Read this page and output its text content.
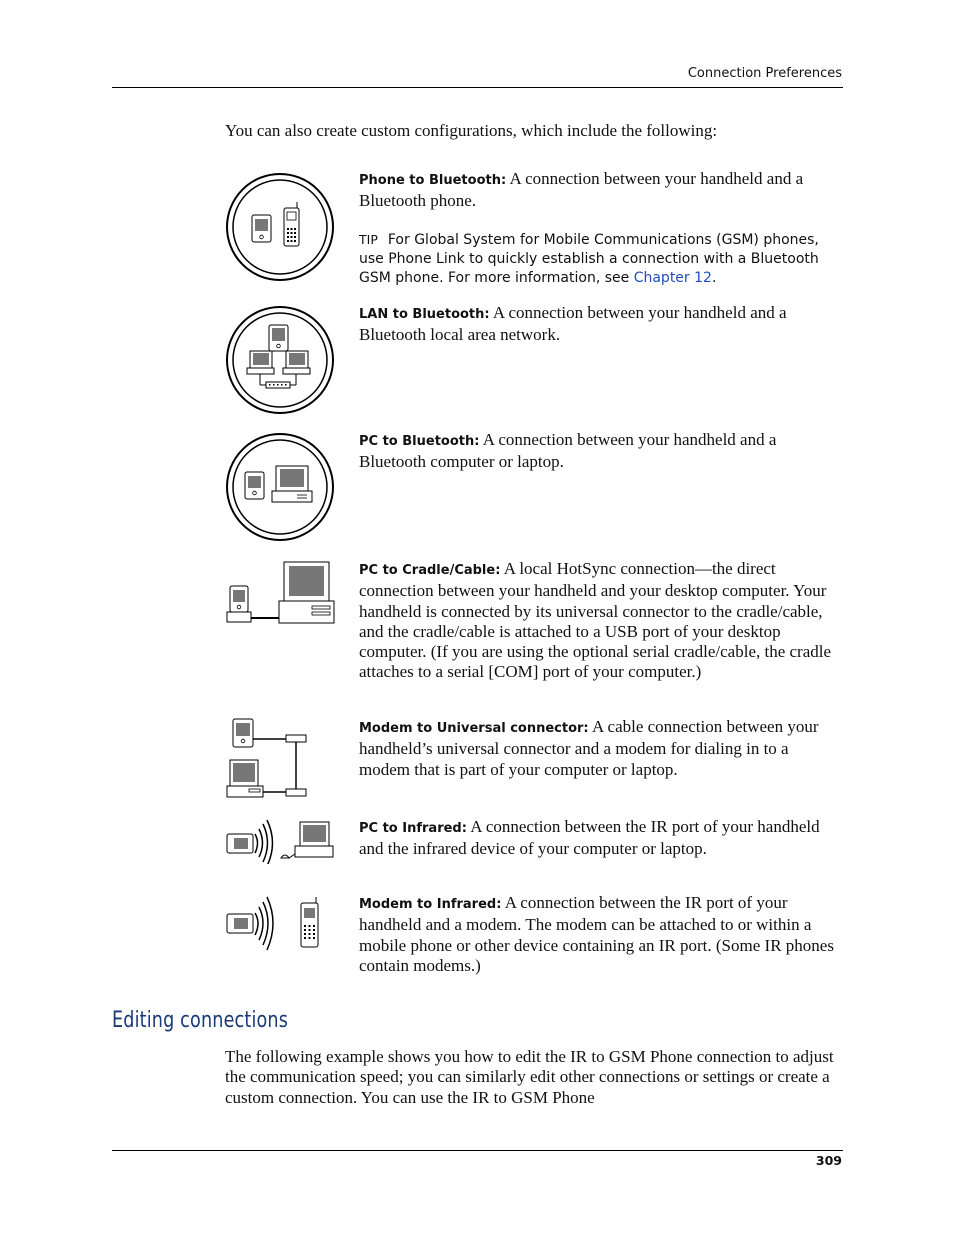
Connection Preferences
You can also create custom configurations, which include the following:
Phone to Bluetooth: A connection between your handheld and a Bluetooth phone.
TIP For Global System for Mobile Communications (GSM) phones, use Phone Link to quickly establish a connection with a Bluetooth GSM phone. For more information, see Chapter 12.
LAN to Bluetooth: A connection between your handheld and a Bluetooth local area network.
PC to Bluetooth: A connection between your handheld and a Bluetooth computer or laptop.
PC to Cradle/Cable: A local HotSync connection—the direct connection between your handheld and your desktop computer. Your handheld is connected by its universal connector to the cradle/cable, and the cradle/cable is attached to a USB port of your desktop computer. (If you are using the optional serial cradle/cable, the cradle attaches to a serial [COM] port of your computer.)
Modem to Universal connector: A cable connection between your handheld’s universal connector and a modem for dialing in to a modem that is part of your computer or laptop.
PC to Infrared: A connection between the IR port of your handheld and the infrared device of your computer or laptop.
Modem to Infrared: A connection between the IR port of your handheld and a modem. The modem can be attached to or within a mobile phone or other device containing an IR port. (Some IR phones contain modems.)
Editing connections
The following example shows you how to edit the IR to GSM Phone connection to adjust the communication speed; you can similarly edit other connections or settings or create a custom connection. You can use the IR to GSM Phone
309
